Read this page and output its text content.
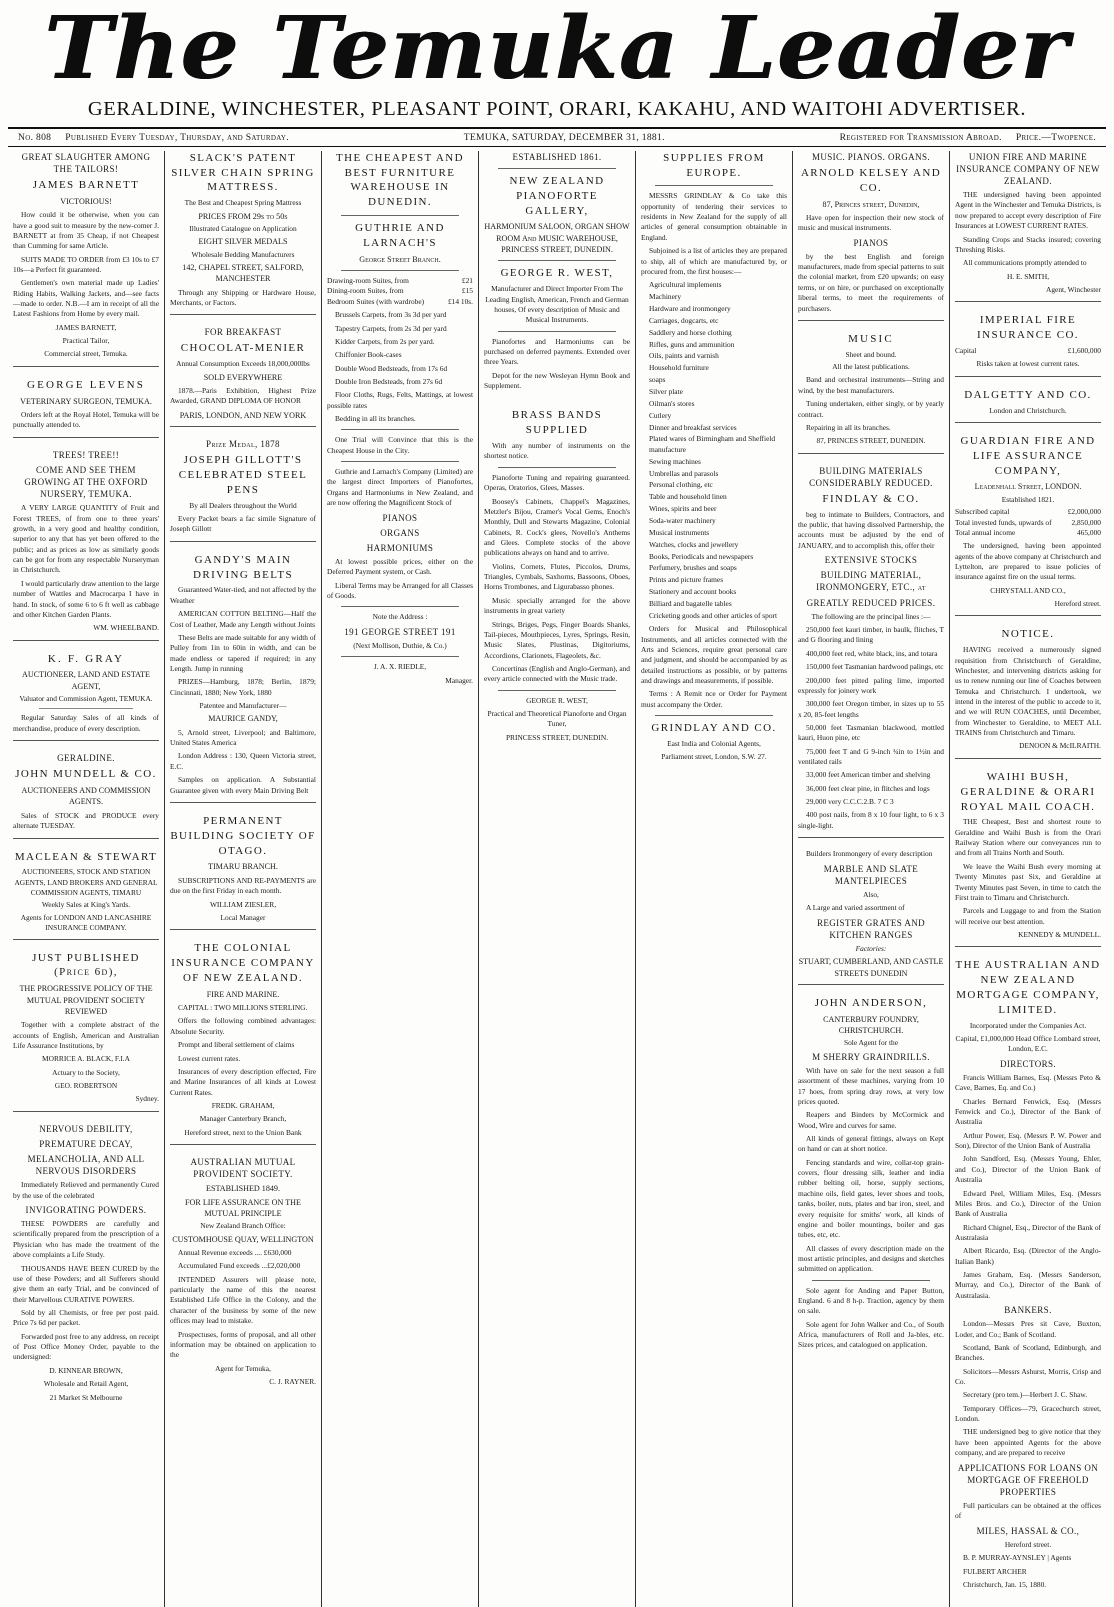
The Temuka Leader
GERALDINE, WINCHESTER, PLEASANT POINT, ORARI, KAKAHU, AND WAITOHI ADVERTISER.
No. 808	Published Every Tuesday, Thursday, and Saturday.	TEMUKA, SATURDAY, DECEMBER 31, 1881.	Registered for Transmission Abroad.	Price.—Twopence.
GREAT SLAUGHTER AMONG THE TAILORS!
JAMES BARNETT
VICTORIOUS!
How could it be otherwise, when you can have a good suit to measure by the new-comer J. BARNETT at from 35 Cheap, if not Cheapest than Cumming for same Article.
SUITS MADE TO ORDER from £3 10s to £7 10s—a Perfect fit guaranteed.
Gentlemen's own material made up Ladies' Riding Habits, Walking Jackets, and—see facts—made to order. N.B.—I am in receipt of all the Latest Fashions from Home by every mail.
JAMES BARNETT,
Practical Tailor,
Commercial street, Temuka.
GEORGE LEVENS
VETERINARY SURGEON, TEMUKA.
Orders left at the Royal Hotel, Temuka will be punctually attended to.
TREES! TREE!!
COME AND SEE THEM GROWING AT THE OXFORD NURSERY, TEMUKA.
A VERY LARGE QUANTITY of Fruit and Forest TREES, of from one to three years' growth, in a very good and healthy condition, superior to any that has yet been offered to the public; and as prices as low as similarly goods can be got for from any respectable Nurseryman in Christchurch.
I would particularly draw attention to the large number of Wattles and Macrocarpa I have in hand. In stock, of some 6 to 6 ft well as cabbage and other Kitchen Garden Plants.
WM. WHEELBAND.
K. F. GRAY
AUCTIONEER, LAND AND ESTATE AGENT,
Valuator and Commission Agent, TEMUKA.
Regular Saturday Sales of all kinds of merchandise, produce of every description.
GERALDINE.
JOHN MUNDELL & CO.
AUCTIONEERS AND COMMISSION AGENTS.
Sales of STOCK and PRODUCE every alternate TUESDAY.
MACLEAN & STEWART
AUCTIONEERS, STOCK AND STATION AGENTS, LAND BROKERS AND GENERAL COMMISSION AGENTS, TIMARU
Weekly Sales at King's Yards.
Agents for LONDON AND LANCASHIRE INSURANCE COMPANY.
JUST PUBLISHED (Price 6d),
THE PROGRESSIVE POLICY OF THE MUTUAL PROVIDENT SOCIETY REVIEWED
Together with a complete abstract of the accounts of English, American and Australian Life Assurance Institutions, by
MORRICE A. BLACK, F.I.A
Actuary to the Society,
GEO. ROBERTSON
Sydney.
NERVOUS DEBILITY,
PREMATURE DECAY,
MELANCHOLIA, AND ALL NERVOUS DISORDERS
Immediately Relieved and permanently Cured by the use of the celebrated
INVIGORATING POWDERS.
THESE POWDERS are carefully and scientifically prepared from the prescription of a Physician who has made the treatment of the above complaints a Life Study.
THOUSANDS HAVE BEEN CURED by the use of these Powders; and all Sufferers should give them an early Trial, and be convinced of their Marvellous CURATIVE POWERS.
Sold by all Chemists, or free per post paid. Price 7s 6d per packet.
Forwarded post free to any address, on receipt of Post Office Money Order, payable to the undersigned:
D. KINNEAR BROWN,
Wholesale and Retail Agent,
21 Market St Melbourne
SLACK'S PATENT SILVER CHAIN SPRING MATTRESS.
The Best and Cheapest Spring Mattress
PRICES FROM 29s to 50s
Illustrated Catalogue on Application
EIGHT SILVER MEDALS
Wholesale Bedding Manufacturers
142, CHAPEL STREET, SALFORD, MANCHESTER
Through any Shipping or Hardware House, Merchants, or Factors.
FOR BREAKFAST
CHOCOLAT-MENIER
Annual Consumption Exceeds 18,000,000lbs
SOLD EVERYWHERE
1878.—Paris Exhibition, Highest Prize Awarded, GRAND DIPLOMA OF HONOR
PARIS, LONDON, AND NEW YORK
Prize Medal, 1878
JOSEPH GILLOTT'S CELEBRATED STEEL PENS
By all Dealers throughout the World
Every Packet bears a fac simile Signature of Joseph Gillott
GANDY'S MAIN DRIVING BELTS
Guaranteed Water-tied, and not affected by the Weather
AMERICAN COTTON BELTING—Half the Cost of Leather, Made any Length without Joints
These Belts are made suitable for any width of Pulley from 1in to 60in in width, and can be made endless or tapered if required; in any Length. Jump in running
PRIZES—Hamburg, 1878; Berlin, 1879; Cincinnati, 1880; New York, 1880
Patentee and Manufacturer—
MAURICE GANDY,
5, Arnold street, Liverpool; and Baltimore, United States America
London Address : 130, Queen Victoria street, E.C.
Samples on application. A Substantial Guarantee given with every Main Driving Belt
PERMANENT BUILDING SOCIETY OF OTAGO.
TIMARU BRANCH.
SUBSCRIPTIONS AND RE-PAYMENTS are due on the first Friday in each month.
WILLIAM ZIESLER,
Local Manager
THE COLONIAL INSURANCE COMPANY OF NEW ZEALAND.
FIRE AND MARINE.
CAPITAL : TWO MILLIONS STERLING.
Offers the following combined advantages: Absolute Security.
Prompt and liberal settlement of claims
Lowest current rates.
Insurances of every description effected, Fire and Marine Insurances of all kinds at Lowest Current Rates.
FREDK. GRAHAM,
Manager Canterbury Branch,
Hereford street, next to the Union Bank
AUSTRALIAN MUTUAL PROVIDENT SOCIETY.
ESTABLISHED 1849.
FOR LIFE ASSURANCE ON THE MUTUAL PRINCIPLE
New Zealand Branch Office:
CUSTOMHOUSE QUAY, WELLINGTON
Annual Revenue exceeds .... £630,000
Accumulated Fund exceeds ...£2,020,000
INTENDED Assurers will please note, particularly the name of this the nearest Established Life Office in the Colony, and the character of the business by some of the new offices may lead to mistake.
Prospectuses, forms of proposal, and all other information may be obtained on application to the
Agent for Temuka,
C. J. RAYNER.
THE CHEAPEST AND BEST FURNITURE WAREHOUSE IN DUNEDIN.
GUTHRIE AND LARNACH'S
George Street Branch.
Drawing-room Suites, from	£21
Dining-room Suites, from	£15
Bedroom Suites (with wardrobe)	£14 10s.
Brussels Carpets, from 3s 3d per yard
Tapestry Carpets, from 2s 3d per yard
Kidder Carpets, from 2s per yard.
Chiffonier Book-cases
Double Wood Bedsteads, from 17s 6d
Double Iron Bedsteads, from 27s 6d
Floor Cloths, Rugs, Felts, Mattings, at lowest possible rates
Bedding in all its branches.
One Trial will Convince that this is the Cheapest House in the City.
Guthrie and Larnach's Company (Limited) are the largest direct Importers of Pianofortes, Organs and Harmoniums in New Zealand, and are now offering the Magnificent Stock of
PIANOS
ORGANS
HARMONIUMS
At lowest possible prices, either on the Deferred Payment system, or Cash.
Liberal Terms may be Arranged for all Classes of Goods.
Note the Address :
191 GEORGE STREET 191
(Next Mollison, Duthie, & Co.)
J. A. X. RIEDLE,
Manager.
ESTABLISHED 1861.
NEW ZEALAND PIANOFORTE GALLERY,
HARMONIUM SALOON, ORGAN SHOW ROOM And MUSIC WAREHOUSE, PRINCESS STREET, DUNEDIN.
GEORGE R. WEST,
Manufacturer and Direct Importer From The Leading English, American, French and German houses, Of every description of Music and Musical Instruments.
Pianofortes and Harmoniums can be purchased on deferred payments. Extended over three Years.
Depot for the new Wesleyan Hymn Book and Supplement.
BRASS BANDS SUPPLIED
With any number of instruments on the shortest notice.
Pianoforte Tuning and repairing guaranteed. Operas, Oratorios, Glees, Masses.
Boosey's Cabinets, Chappel's Magazines, Metzler's Bijou, Cramer's Vocal Gems, Enoch's Monthly, Dull and Stewarts Magazine, Colonial Cabinets, R. Cock's glees, Novello's Anthems and Glees. Complete stocks of the above publications always on hand and to arrive.
Violins, Cornets, Flutes, Piccolos, Drums, Triangles, Cymbals, Saxhorns, Bassoons, Oboes, Horns Trombones, and Ligurabasso phones.
Music specially arranged for the above instruments in great variety
Strings, Briges, Pegs, Finger Boards Shanks, Tail-pieces, Mouthpieces, Lyres, Springs, Resin, Music Slates, Plustinas, Digitoriums, Accordions, Clarionets, Flageolets, &c.
Concertinas (English and Anglo-German), and every article connected with the Music trade.
GEORGE R. WEST,
Practical and Theoretical Pianoforte and Organ Tuner,
PRINCESS STREET, DUNEDIN.
SUPPLIES FROM EUROPE.
MESSRS GRINDLAY & Co take this opportunity of tendering their services to residents in New Zealand for the supply of all articles of general consumption obtainable in England.
Subjoined is a list of articles they are prepared to ship, all of which are manufactured by, or procured from, the first houses:—
Agricultural implements
Machinery
Hardware and ironmongery
Carriages, dogcarts, etc
Saddlery and horse clothing
Rifles, guns and ammunition
Oils, paints and varnish
Household furniture
soaps
Silver plate
Oilman's stores
Cutlery
Dinner and breakfast services
Plated wares of Birmingham and Sheffield manufacture
Sewing machines
Umbrellas and parasols
Personal clothing, etc
Table and household linen
Wines, spirits and beer
Soda-water machinery
Musical instruments
Watches, clocks and jewellery
Books, Periodicals and newspapers
Perfumery, brushes and soaps
Prints and picture frames
Stationery and account books
Billiard and bagatelle tables
Cricketing goods and other articles of sport
Orders for Musical and Philosophical Instruments, and all articles connected with the Arts and Sciences, require great personal care and judgment, and should be accompanied by as detailed instructions as possible, or by patterns and drawings and measurements, if possible.
Terms : A Remit nce or Order for Payment must accompany the Order.
GRINDLAY AND CO.
East India and Colonial Agents,
Parliament street, London, S.W. 27.
MUSIC. PIANOS. ORGANS.
ARNOLD KELSEY AND CO.
87, Princes street, Dunedin,
Have open for inspection their new stock of music and musical instruments.
PIANOS
by the best English and foreign manufacturers, made from special patterns to suit the colonial market, from £20 upwards; on easy terms, or on hire, or purchased on exceptionally liberal terms, to meet the requirements of purchasers.
MUSIC
Sheet and bound.
All the latest publications.
Band and orchestral instruments—String and wind, by the best manufacturers.
Tuning undertaken, either singly, or by yearly contract.
Repairing in all its branches.
87, PRINCES STREET, DUNEDIN.
BUILDING MATERIALS CONSIDERABLY REDUCED.
FINDLAY & CO.
beg to intimate to Builders, Contractors, and the public, that having dissolved Partnership, the accounts must be adjusted by the end of JANUARY, and to accomplish this, offer their
EXTENSIVE STOCKS
BUILDING MATERIAL, IRONMONGERY, ETC., at
GREATLY REDUCED PRICES.
The following are the principal lines :—
250,000 feet kauri timber, in baulk, flitches, T and G flooring and lining
400,000 feet red, white black, ins, and totara
150,000 feet Tasmanian hardwood palings, etc
200,000 feet pitted paling lime, imported expressly for joinery work
300,000 feet Oregon timber, in sizes up to 55 x 20, 85-feet lengths
50,000 feet Tasmanian blackwood, mottled kauri, Huon pine, etc
75,000 feet T and G 9-inch ¾in to 1½in and ventilated rails
33,000 feet American timber and shelving
36,000 feet clear pine, in flitches and logs
29,000 very C.C.C.2.B. 7 C 3
400 post nails, from 8 x 10 four light, to 6 x 3 single-light.
Builders Ironmongery of every description
MARBLE AND SLATE MANTELPIECES
Also,
A Large and varied assortment of
REGISTER GRATES AND KITCHEN RANGES
Factories:
STUART, CUMBERLAND, AND CASTLE STREETS DUNEDIN
JOHN ANDERSON,
CANTERBURY FOUNDRY, CHRISTCHURCH.
Sole Agent for the
M SHERRY GRAINDRILLS.
With have on sale for the next season a full assortment of these machines, varying from 10 17 hoes, from spring dray rows, at very low prices quoted.
Reapers and Binders by McCormick and Wood, Wire and curves for same.
All kinds of general fittings, always on Kept on hand or can at short notice.
Fencing standards and wire, collar-top grain-covers, flour dressing silk, leather and india rubber belting oil, horse, supply sections, machine oils, field gates, lever shoes and tools, tanks, boiler, nuts, plates and bar iron, steel, and every requisite for smiths' work, all kinds of engine and boiler mountings, boiler and gas tubes, etc, etc.
All classes of every description made on the most artistic principles, and designs and sketches submitted on application.
Sole agent for Anding and Paper Button, England. 6 and 8 h-p. Traction, agency by them on sale.
Sole agent for John Walker and Co., of South Africa, manufacturers of Roll and Ja-bles, etc. Sizes prices, and catalogued on application.
UNION FIRE AND MARINE INSURANCE COMPANY OF NEW ZEALAND.
THE undersigned having been appointed Agent in the Winchester and Temuka Districts, is now prepared to accept every description of Fire Insurances at LOWEST CURRENT RATES.
Standing Crops and Stacks insured; covering Threshing Risks.
All communications promptly attended to
H. E. SMITH,
Agent, Winchester
IMPERIAL FIRE INSURANCE CO.
Capital	£1,600,000
Risks taken at lowest current rates.
DALGETTY AND CO.
London and Christchurch.
GUARDIAN FIRE AND LIFE ASSURANCE COMPANY,
Leadenhall Street, LONDON.
Established 1821.
Subscribed capital	£2,000,000
Total invested funds, upwards of	2,850,000
Total annual income	465,000
The undersigned, having been appointed agents of the above company at Christchurch and Lyttelton, are prepared to issue policies of insurance against fire on the usual terms.
CHRYSTALL AND CO.,
Hereford street.
NOTICE.
HAVING received a numerously signed requisition from Christchurch of Geraldine, Winchester, and intervening districts asking for us to renew running our line of Coaches between Temuka and Christchurch. I undertook, we intend in the interest of the public to accede to it, and we will RUN COACHES, until December, from Winchester to Geraldine, to MEET ALL TRAINS from Christchurch and Timaru.
DENOON & McILRAITH.
WAIHI BUSH, GERALDINE & ORARI ROYAL MAIL COACH.
THE Cheapest, Best and shortest route to Geraldine and Waihi Bush is from the Orari Railway Station where our conveyances run to and from all Trains North and South.
We leave the Waihi Bush every morning at Twenty Minutes past Six, and Geraldine at Twenty Minutes past Seven, in time to catch the First train to Timaru and Christchurch.
Parcels and Luggage to and from the Station will receive our best attention.
KENNEDY & MUNDELL.
THE AUSTRALIAN AND NEW ZEALAND MORTGAGE COMPANY, LIMITED.
Incorporated under the Companies Act.
Capital, £1,000,000 Head Office Lombard street, London, E.C.
DIRECTORS.
Francis William Barnes, Esq. (Messrs Peto & Cave, Barnes, Eq. and Co.)
Charles Bernard Fenwick, Esq. (Messrs Fenwick and Co.), Director of the Bank of Australia
Arthur Power, Esq. (Messrs P. W. Power and Son), Director of the Union Bank of Australia
John Sandford, Esq. (Messrs Young, Ehler, and Co.), Director of the Union Bank of Australia
Edward Peel, William Miles, Esq. (Messrs Miles Bros. and Co.), Director of the Union Bank of Australia
Richard Chignel, Esq., Director of the Bank of Australasia
Albert Ricardo, Esq. (Director of the Anglo-Italian Bank)
James Graham, Esq. (Messrs Sanderson, Murray, and Co.), Director of the Bank of Australasia.
BANKERS.
London—Messrs Pres sit Cave, Buxton, Loder, and Co.; Bank of Scotland.
Scotland, Bank of Scotland, Edinburgh, and Branches.
Solicitors—Messrs Ashurst, Morris, Crisp and Co.
Secretary (pro tem.)—Herbert J. C. Shaw.
Temporary Offices—79, Gracechurch street, London.
THE undersigned beg to give notice that they have been appointed Agents for the above company, and are prepared to receive
APPLICATIONS FOR LOANS ON MORTGAGE OF FREEHOLD PROPERTIES
Full particulars can be obtained at the offices of
MILES, HASSAL & CO.,
Hereford street.
B. P. MURRAY-AYNSLEY | Agents
FULBERT ARCHER
Christchurch, Jan. 15, 1880.
